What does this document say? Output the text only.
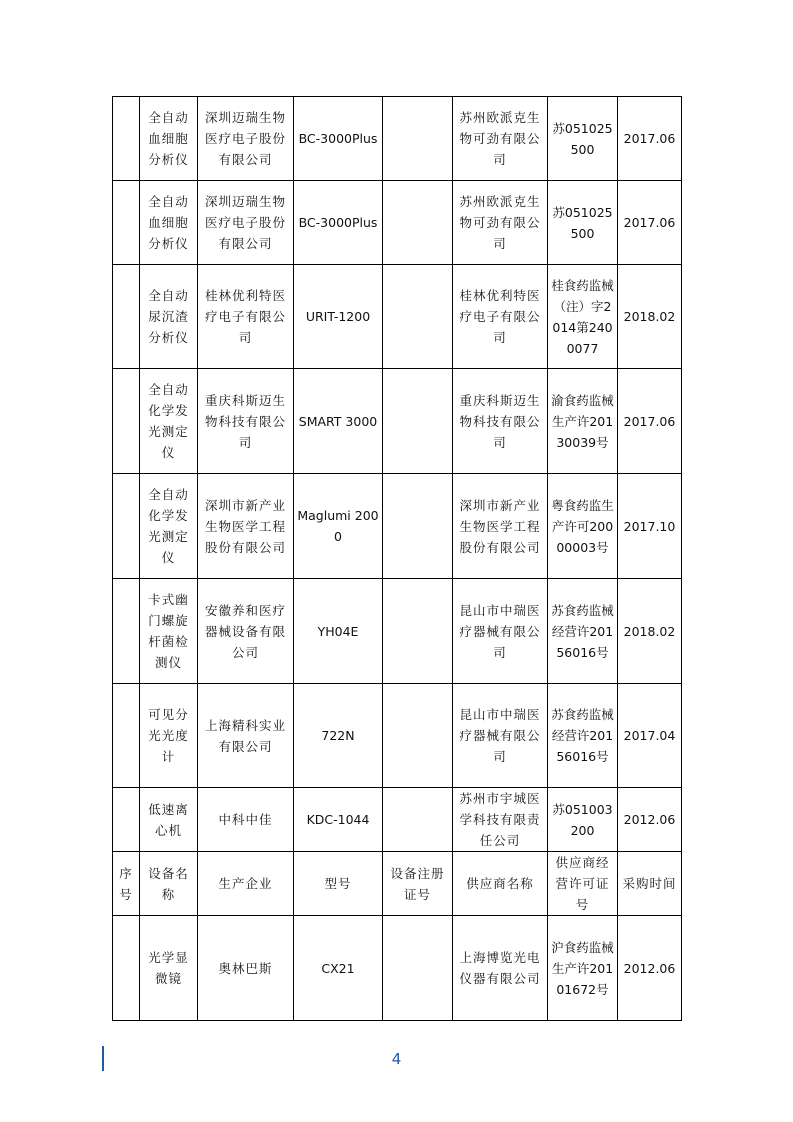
	全自动血细胞分析仪	深圳迈瑞生物医疗电子股份有限公司	BC-3000Plus		苏州欧派克生物可劲有限公司	苏051025500	2017.06
	全自动血细胞分析仪	深圳迈瑞生物医疗电子股份有限公司	BC-3000Plus		苏州欧派克生物可劲有限公司	苏051025500	2017.06
	全自动尿沉渣分析仪	桂林优利特医疗电子有限公司	URIT-1200		桂林优利特医疗电子有限公司	桂食药监械（注）字2014第2400077	2018.02
	全自动化学发光测定仪	重庆科斯迈生物科技有限公司	SMART 3000		重庆科斯迈生物科技有限公司	渝食药监械生产许20130039号	2017.06
	全自动化学发光测定仪	深圳市新产业生物医学工程股份有限公司	Maglumi 2000		深圳市新产业生物医学工程股份有限公司	粤食药监生产许可20000003号	2017.10
	卡式幽门螺旋杆菌检测仪	安徽养和医疗器械设备有限公司	YH04E		昆山市中瑞医疗器械有限公司	苏食药监械经营许20156016号	2018.02
	可见分光光度计	上海精科实业有限公司	722N		昆山市中瑞医疗器械有限公司	苏食药监械经营许20156016号	2017.04
	低速离心机	中科中佳	KDC-1044		苏州市宇城医学科技有限责任公司	苏051003200	2012.06
序号	设备名称	生产企业	型号	设备注册证号	供应商名称	供应商经营许可证号	采购时间
	光学显微镜	奥林巴斯	CX21		上海博览光电仪器有限公司	沪食药监械生产许20101672号	2012.06
4
